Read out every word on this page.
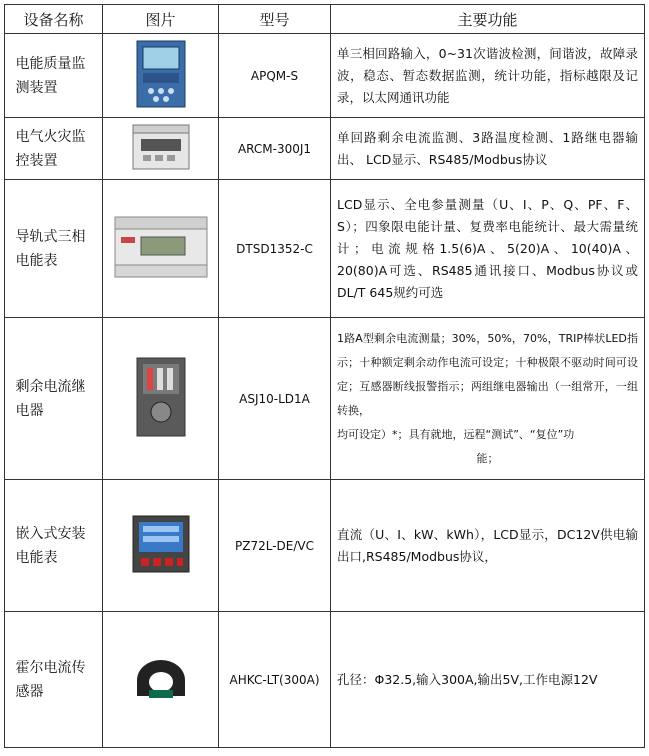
设备名称	图片	型号	主要功能
电能质量监测装置		APQM-S	单三相回路输入，0~31次谐波检测，间谐波，故障录波，稳态、暂态数据监测，统计功能，指标越限及记录，以太网通讯功能
电气火灾监控装置		ARCM-300J1	单回路剩余电流监测、3路温度检测、1路继电器输出、 LCD显示、RS485/Modbus协议
导轨式三相电能表		DTSD1352-C	LCD显示、全电参量测量（U、I、P、Q、PF、F、S）；四象限电能计量、复费率电能统计、最大需量统计；电流规格1.5(6)A、5(20)A、10(40)A、20(80)A可选、RS485通讯接口、Modbus协议或DL/T 645规约可选
剩余电流继电器		ASJ10-LD1A	1路A型剩余电流测量；30%，50%，70%，TRIP棒状LED指示；十种额定剩余动作电流可设定；十种极限不驱动时间可设定；互感器断线报警指示；两组继电器输出（一组常开，一组转换，
均可设定）*；具有就地，远程“测试”、“复位”功

能；

嵌入式安装电能表		PZ72L-DE/VC	直流（U、I、kW、kWh），LCD显示，DC12V供电输出口,RS485/Modbus协议，
霍尔电流传感器		AHKC-LT(300A)	孔径：Φ32.5,输入300A,输出5V,工作电源12V
